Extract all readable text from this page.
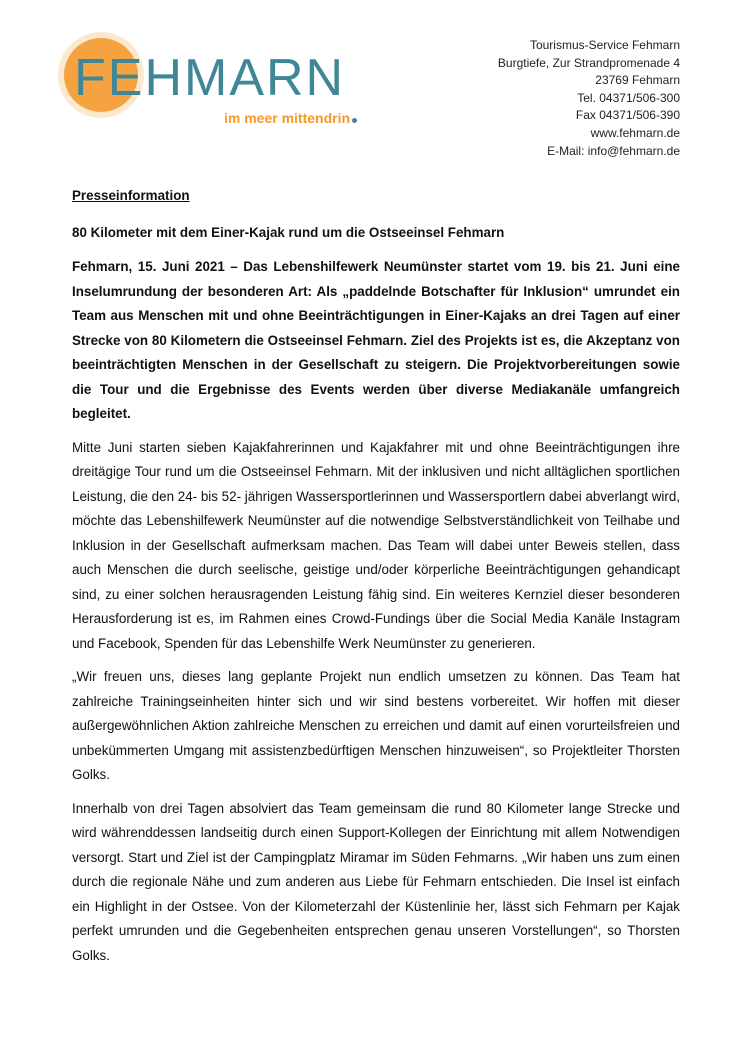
FEHMARN
im meer mittendrin
Tourismus-Service Fehmarn
Burgtiefe, Zur Strandpromenade 4
23769 Fehmarn
Tel. 04371/506-300
Fax 04371/506-390
www.fehmarn.de
E-Mail: info@fehmarn.de
Presseinformation
80 Kilometer mit dem Einer-Kajak rund um die Ostseeinsel Fehmarn

Fehmarn, 15. Juni 2021 – Das Lebenshilfewerk Neumünster startet vom 19. bis 21. Juni eine Inselumrundung der besonderen Art: Als „paddelnde Botschafter für Inklusion“ umrundet ein Team aus Menschen mit und ohne Beeinträchtigungen in Einer-Kajaks an drei Tagen auf einer Strecke von 80 Kilometern die Ostseeinsel Fehmarn. Ziel des Projekts ist es, die Akzeptanz von beeinträchtigten Menschen in der Gesellschaft zu steigern. Die Projektvorbereitungen sowie die Tour und die Ergebnisse des Events werden über diverse Mediakanäle umfangreich begleitet.

Mitte Juni starten sieben Kajakfahrerinnen und Kajakfahrer mit und ohne Beeinträchtigungen ihre dreitägige Tour rund um die Ostseeinsel Fehmarn. Mit der inklusiven und nicht alltäglichen sportlichen Leistung, die den 24- bis 52- jährigen Wassersportlerinnen und Wassersportlern dabei abverlangt wird, möchte das Lebenshilfewerk Neumünster auf die notwendige Selbstverständlichkeit von Teilhabe und Inklusion in der Gesellschaft aufmerksam machen. Das Team will dabei unter Beweis stellen, dass auch Menschen die durch seelische, geistige und/oder körperliche Beeinträchtigungen gehandicapt sind, zu einer solchen herausragenden Leistung fähig sind. Ein weiteres Kernziel dieser besonderen Herausforderung ist es, im Rahmen eines Crowd-Fundings über die Social Media Kanäle Instagram und Facebook, Spenden für das Lebenshilfe Werk Neumünster zu generieren.

„Wir freuen uns, dieses lang geplante Projekt nun endlich umsetzen zu können. Das Team hat zahlreiche Trainingseinheiten hinter sich und wir sind bestens vorbereitet. Wir hoffen mit dieser außergewöhnlichen Aktion zahlreiche Menschen zu erreichen und damit auf einen vorurteilsfreien und unbekümmerten Umgang mit assistenzbedürftigen Menschen hinzuweisen“, so Projektleiter Thorsten Golks.

Innerhalb von drei Tagen absolviert das Team gemeinsam die rund 80 Kilometer lange Strecke und wird währenddessen landseitig durch einen Support-Kollegen der Einrichtung mit allem Notwendigen versorgt. Start und Ziel ist der Campingplatz Miramar im Süden Fehmarns. „Wir haben uns zum einen durch die regionale Nähe und zum anderen aus Liebe für Fehmarn entschieden. Die Insel ist einfach ein Highlight in der Ostsee. Von der Kilometerzahl der Küstenlinie her, lässt sich Fehmarn per Kajak perfekt umrunden und die Gegebenheiten entsprechen genau unseren Vorstellungen“, so Thorsten Golks.
